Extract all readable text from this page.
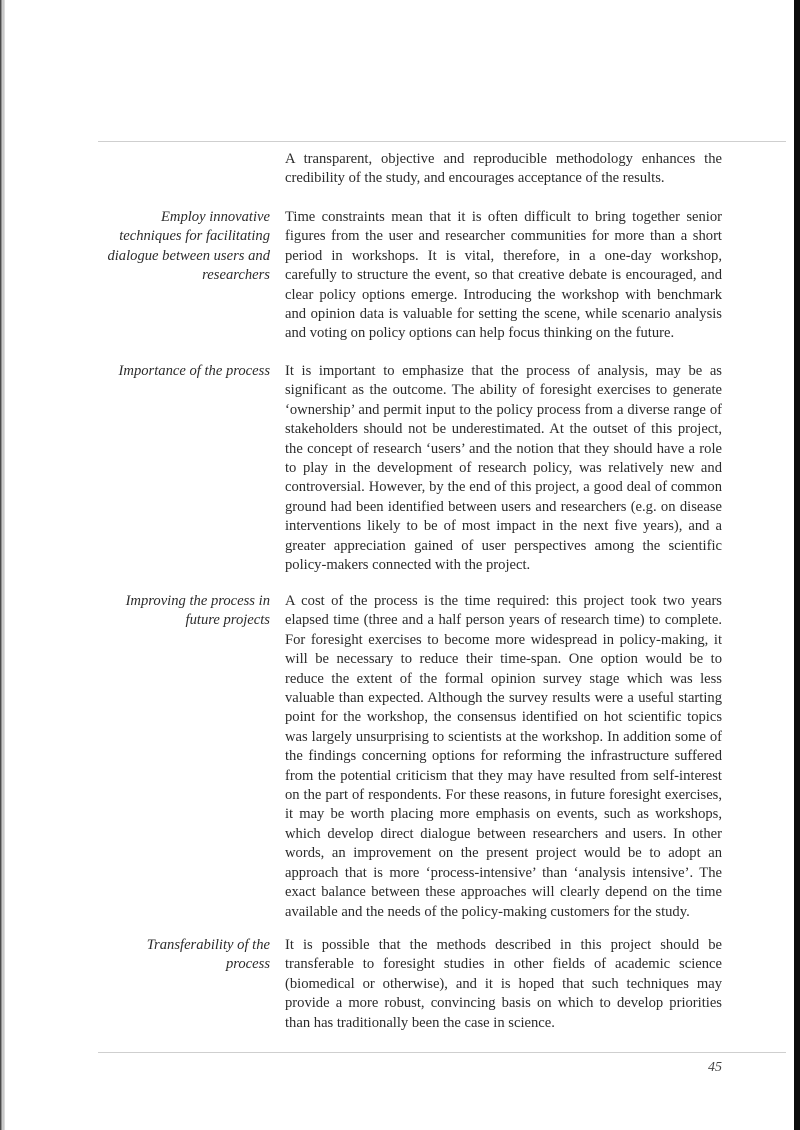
A transparent, objective and reproducible methodology enhances the credibility of the study, and encourages acceptance of the results.

Employ innovative techniques for facilitating dialogue between users and researchers

Time constraints mean that it is often difficult to bring together senior figures from the user and researcher communities for more than a short period in workshops. It is vital, therefore, in a one-day workshop, carefully to structure the event, so that creative debate is encouraged, and clear policy options emerge. Introducing the workshop with benchmark and opinion data is valuable for setting the scene, while scenario analysis and voting on policy options can help focus thinking on the future.

Importance of the process It is important to emphasize that the process of analysis, may be as significant as the outcome. The ability of foresight exercises to generate ‘ownership’ and permit input to the policy process from a diverse range of stakeholders should not be underestimated. At the outset of this project, the concept of research ‘users’ and the notion that they should have a role to play in the development of research policy, was relatively new and controversial. However, by the end of this project, a good deal of common ground had been identified between users and researchers (e.g. on disease interventions likely to be of most impact in the next five years), and a greater appreciation gained of user perspectives among the scientific policy-makers connected with the project.

Improving the process in future projects

A cost of the process is the time required: this project took two years elapsed time (three and a half person years of research time) to complete. For foresight exercises to become more widespread in policy-making, it will be necessary to reduce their time-span. One option would be to reduce the extent of the formal opinion survey stage which was less valuable than expected. Although the survey results were a useful starting point for the workshop, the consensus identified on hot scientific topics was largely unsurprising to scientists at the workshop. In addition some of the findings concerning options for reforming the infrastructure suffered from the potential criticism that they may have resulted from self-interest on the part of respondents. For these reasons, in future foresight exercises, it may be worth placing more emphasis on events, such as workshops, which develop direct dialogue between researchers and users. In other words, an improvement on the present project would be to adopt an approach that is more ‘process-intensive’ than ‘analysis intensive’. The exact balance between these approaches will clearly depend on the time available and the needs of the policy-making customers for the study.

Transferability of the process

It is possible that the methods described in this project should be transferable to foresight studies in other fields of academic science (biomedical or otherwise), and it is hoped that such techniques may provide a more robust, convincing basis on which to develop priorities than has traditionally been the case in science.

45
